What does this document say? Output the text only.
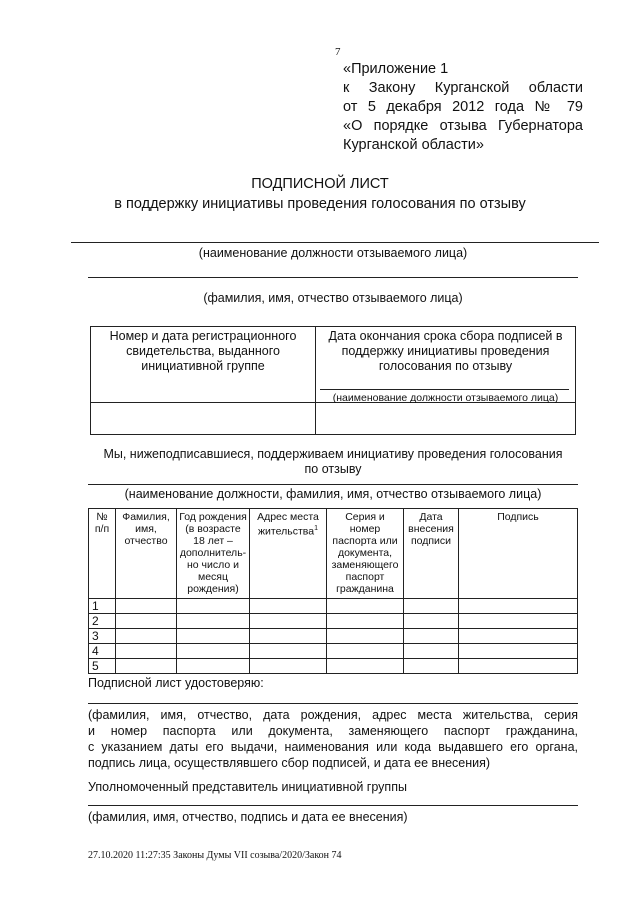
7
«Приложение 1
к Закону Курганской области
от 5 декабря 2012 года № 79
«О порядке отзыва Губернатора
Курганской области»
ПОДПИСНОЙ ЛИСТ
в поддержку инициативы проведения голосования по отзыву
(наименование должности отзываемого лица)
(фамилия, имя, отчество отзываемого лица)
Номер и дата регистрационного свидетельства, выданного инициативной группе	Дата окончания срока сбора подписей в поддержку инициативы проведения голосования по отзыву
(наименование должности отзываемого лица)

Мы, нижеподписавшиеся, поддерживаем инициативу проведения голосования
по отзыву
(наименование должности, фамилия, имя, отчество отзываемого лица)
№ п/п	Фамилия, имя, отчество	Год рождения (в возрасте 18 лет – дополнитель-но число и месяц рождения)	Адрес места жительства$^1$	Серия и номер паспорта или документа, заменяющего паспорт гражданина	Дата внесения подписи	Подпись
1						
2						
3						
4						
5						
Подписной лист удостоверяю:
(фамилия, имя, отчество, дата рождения, адрес места жительства, серия
и номер паспорта или документа, заменяющего паспорт гражданина,
с указанием даты его выдачи, наименования или кода выдавшего его органа,
подпись лица, осуществлявшего сбор подписей, и дата ее внесения)
Уполномоченный представитель инициативной группы
(фамилия, имя, отчество, подпись и дата ее внесения)
27.10.2020 11:27:35 Законы Думы VII созыва/2020/Закон 74
